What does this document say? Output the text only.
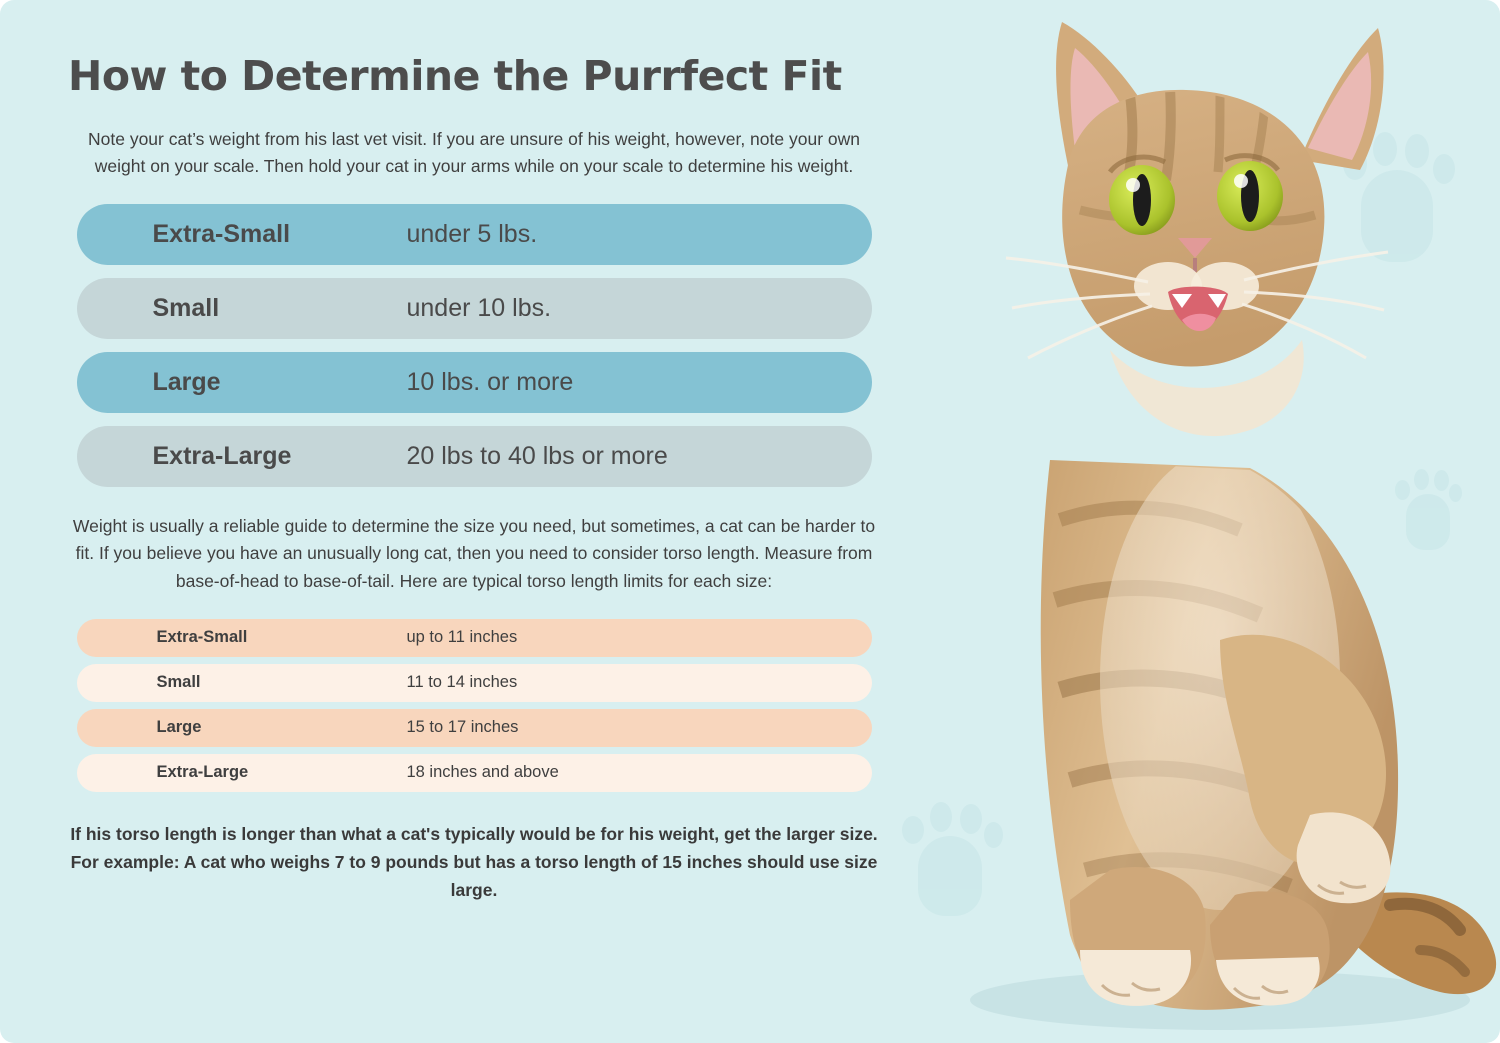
How to Determine the Purrfect Fit

Note your cat’s weight from his last vet visit. If you are unsure of his weight, however, note your own weight on your scale. Then hold your cat in your arms while on your scale to determine his weight.

Extra-Small	under 5 lbs.
Small	under 10 lbs.
Large	10 lbs. or more
Extra-Large	20 lbs to 40 lbs or more

Weight is usually a reliable guide to determine the size you need, but sometimes, a cat can be harder to fit. If you believe you have an unusually long cat, then you need to consider torso length. Measure from base-of-head to base-of-tail. Here are typical torso length limits for each size:

Extra-Small	up to 11 inches
Small	11 to 14 inches
Large	15 to 17 inches
Extra-Large	18 inches and above

If his torso length is longer than what a cat's typically would be for his weight, get the larger size. For example: A cat who weighs 7 to 9 pounds but has a torso length of 15 inches should use size large.
